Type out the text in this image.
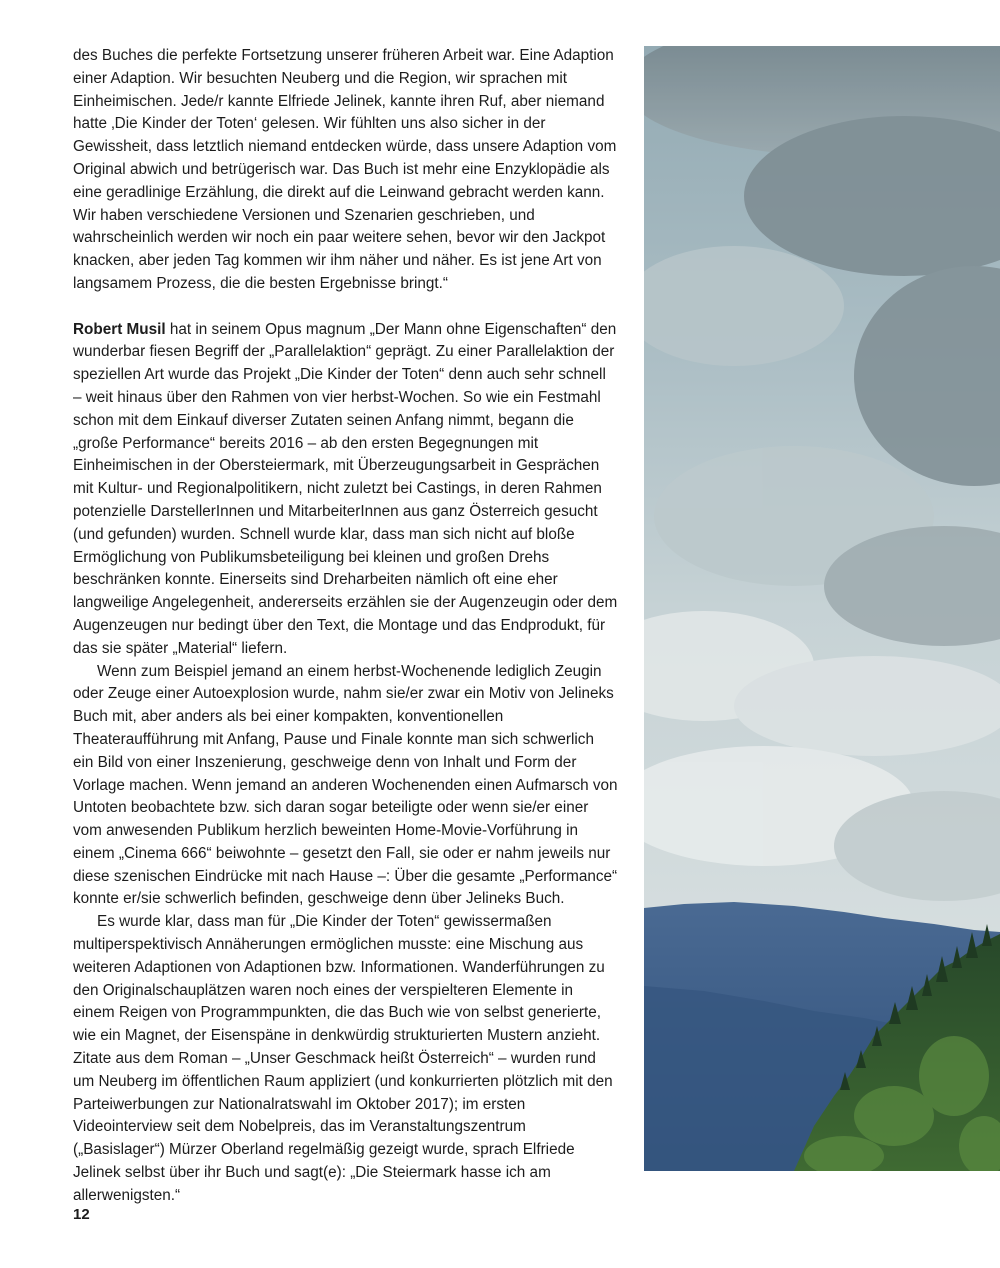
des Buches die perfekte Fortsetzung unserer früheren Arbeit war. Eine Adaption einer Adaption. Wir besuchten Neuberg und die Region, wir sprachen mit Einheimischen. Jede/r kannte Elfriede Jelinek, kannte ihren Ruf, aber niemand hatte ‚Die Kinder der Toten‘ gelesen. Wir fühlten uns also sicher in der Gewissheit, dass letztlich niemand entdecken würde, dass unsere Adaption vom Original abwich und betrügerisch war. Das Buch ist mehr eine Enzyklopädie als eine geradlinige Erzählung, die direkt auf die Leinwand gebracht werden kann. Wir haben verschiedene Versionen und Szenarien geschrieben, und wahrscheinlich werden wir noch ein paar weitere sehen, bevor wir den Jackpot knacken, aber jeden Tag kommen wir ihm näher und näher. Es ist jene Art von langsamem Prozess, die die besten Ergebnisse bringt.“

Robert Musil hat in seinem Opus magnum „Der Mann ohne Eigenschaften“ den wunderbar fiesen Begriff der „Parallelaktion“ geprägt. Zu einer Parallelaktion der speziellen Art wurde das Projekt „Die Kinder der Toten“ denn auch sehr schnell – weit hinaus über den Rahmen von vier herbst-Wochen. So wie ein Festmahl schon mit dem Einkauf diverser Zutaten seinen Anfang nimmt, begann die „große Performance“ bereits 2016 – ab den ersten Begegnungen mit Einheimischen in der Obersteiermark, mit Überzeugungsarbeit in Gesprächen mit Kultur- und Regionalpolitikern, nicht zuletzt bei Castings, in deren Rahmen potenzielle DarstellerInnen und MitarbeiterInnen aus ganz Österreich gesucht (und gefunden) wurden. Schnell wurde klar, dass man sich nicht auf bloße Ermöglichung von Publikumsbeteiligung bei kleinen und großen Drehs beschränken konnte. Einerseits sind Dreharbeiten nämlich oft eine eher langweilige Angelegenheit, andererseits erzählen sie der Augenzeugin oder dem Augenzeugen nur bedingt über den Text, die Montage und das Endprodukt, für das sie später „Material“ liefern.

Wenn zum Beispiel jemand an einem herbst-Wochenende lediglich Zeugin oder Zeuge einer Autoexplosion wurde, nahm sie/er zwar ein Motiv von Jelineks Buch mit, aber anders als bei einer kompakten, konventionellen Theateraufführung mit Anfang, Pause und Finale konnte man sich schwerlich ein Bild von einer Inszenierung, geschweige denn von Inhalt und Form der Vorlage machen. Wenn jemand an anderen Wochenenden einen Aufmarsch von Untoten beobachtete bzw. sich daran sogar beteiligte oder wenn sie/er einer vom anwesenden Publikum herzlich beweinten Home-Movie-Vorführung in einem „Cinema 666“ beiwohnte – gesetzt den Fall, sie oder er nahm jeweils nur diese szenischen Eindrücke mit nach Hause –: Über die gesamte „Performance“ konnte er/sie schwerlich befinden, geschweige denn über Jelineks Buch.

Es wurde klar, dass man für „Die Kinder der Toten“ gewissermaßen multiperspektivisch Annäherungen ermöglichen musste: eine Mischung aus weiteren Adaptionen von Adaptionen bzw. Informationen. Wanderführungen zu den Originalschauplätzen waren noch eines der verspielteren Elemente in einem Reigen von Programmpunkten, die das Buch wie von selbst generierte, wie ein Magnet, der Eisenspäne in denkwürdig strukturierten Mustern anzieht. Zitate aus dem Roman – „Unser Geschmack heißt Österreich“ – wurden rund um Neuberg im öffentlichen Raum appliziert (und konkurrierten plötzlich mit den Parteiwerbungen zur Nationalratswahl im Oktober 2017); im ersten Videointerview seit dem Nobelpreis, das im Veranstaltungszentrum („Basislager“) Mürzer Oberland regelmäßig gezeigt wurde, sprach Elfriede Jelinek selbst über ihr Buch und sagt(e): „Die Steiermark hasse ich am allerwenigsten.“

12
